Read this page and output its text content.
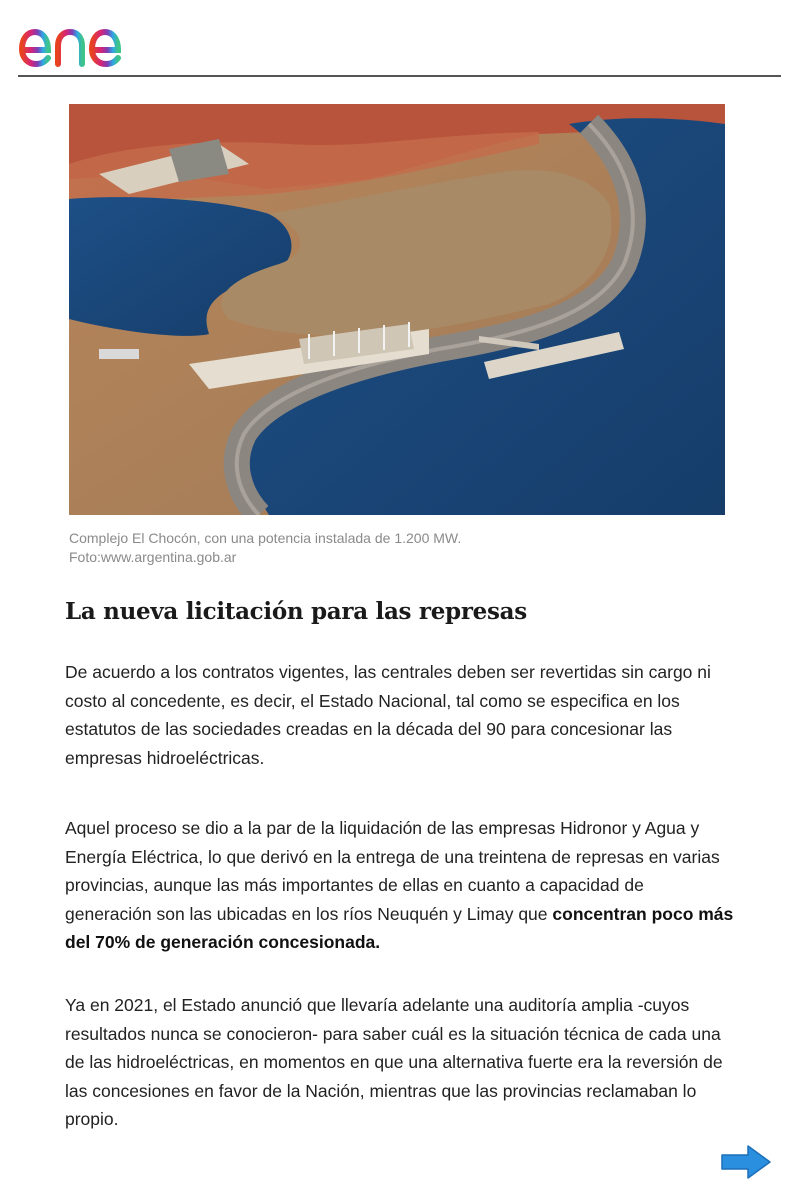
Complejo El Chocón, con una potencia instalada de 1.200 MW.
Foto:www.argentina.gob.ar
La nueva licitación para las represas
De acuerdo a los contratos vigentes, las centrales deben ser revertidas sin cargo ni costo al concedente, es decir, el Estado Nacional, tal como se especifica en los estatutos de las sociedades creadas en la década del 90 para concesionar las empresas hidroeléctricas.
Aquel proceso se dio a la par de la liquidación de las empresas Hidronor y Agua y Energía Eléctrica, lo que derivó en la entrega de una treintena de represas en varias provincias, aunque las más importantes de ellas en cuanto a capacidad de generación son las ubicadas en los ríos Neuquén y Limay que concentran poco más del 70% de generación concesionada.
Ya en 2021, el Estado anunció que llevaría adelante una auditoría amplia -cuyos resultados nunca se conocieron- para saber cuál es la situación técnica de cada una de las hidroeléctricas, en momentos en que una alternativa fuerte era la reversión de las concesiones en favor de la Nación, mientras que las provincias reclamaban lo propio.
